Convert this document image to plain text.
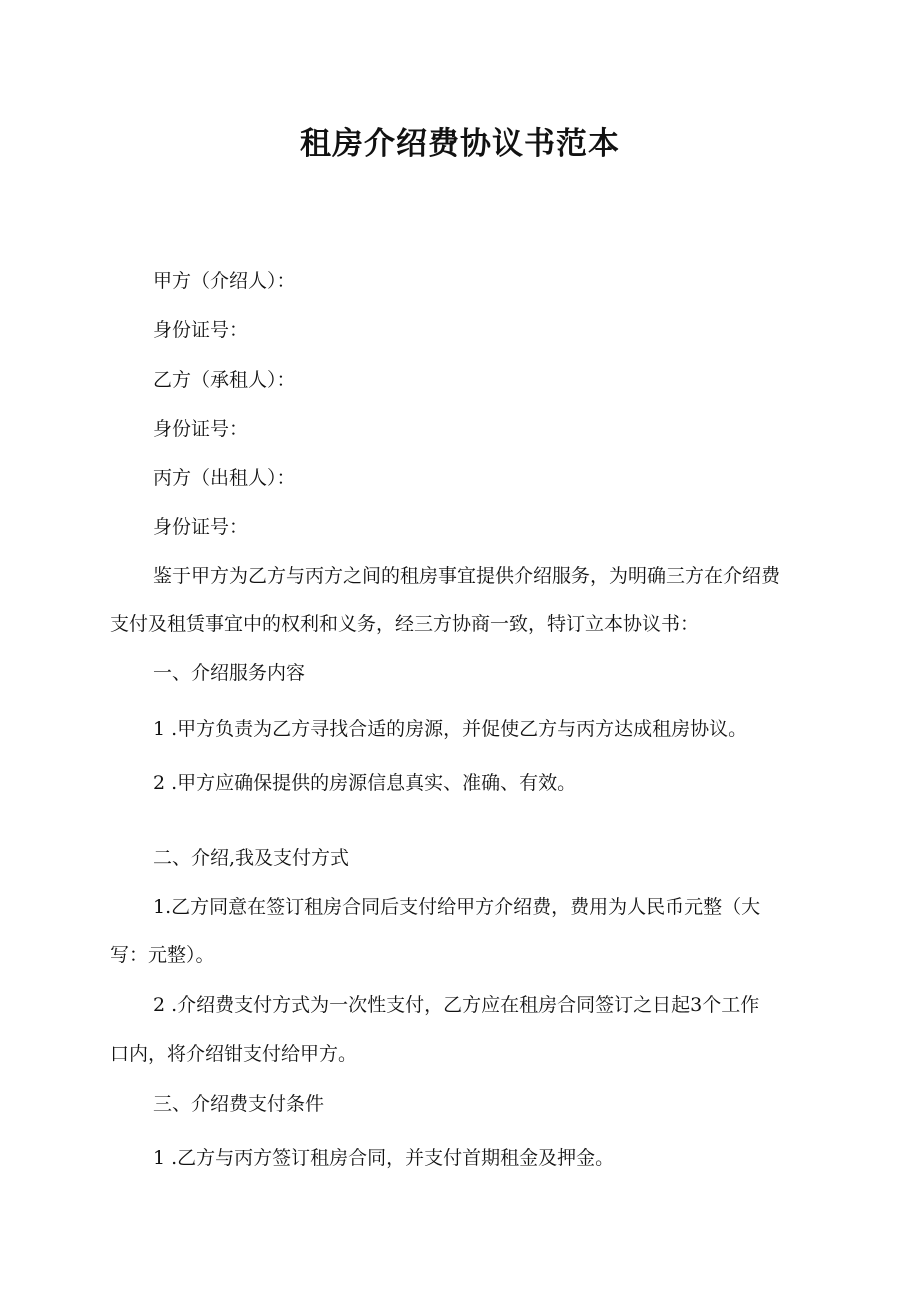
租房介绍费协议书范本
甲方（介绍人）：
身份证号：
乙方（承租人）：
身份证号：
丙方（出租人）：
身份证号：
鉴于甲方为乙方与丙方之间的租房事宜提供介绍服务，为明确三方在介绍费
支付及租赁事宜中的权利和义务，经三方协商一致，特订立本协议书：
一、介绍服务内容
1 .甲方负责为乙方寻找合适的房源，并促使乙方与丙方达成租房协议。
2 .甲方应确保提供的房源信息真实、准确、有效。
二、介绍,我及支付方式
1.乙方同意在签订租房合同后支付给甲方介绍费，费用为人民币元整（大
写：元整）。
2 .介绍费支付方式为一次性支付，乙方应在租房合同签订之日起3个工作
口内，将介绍钳支付给甲方。
三、介绍费支付条件
1 .乙方与丙方签订租房合同，并支付首期租金及押金。
